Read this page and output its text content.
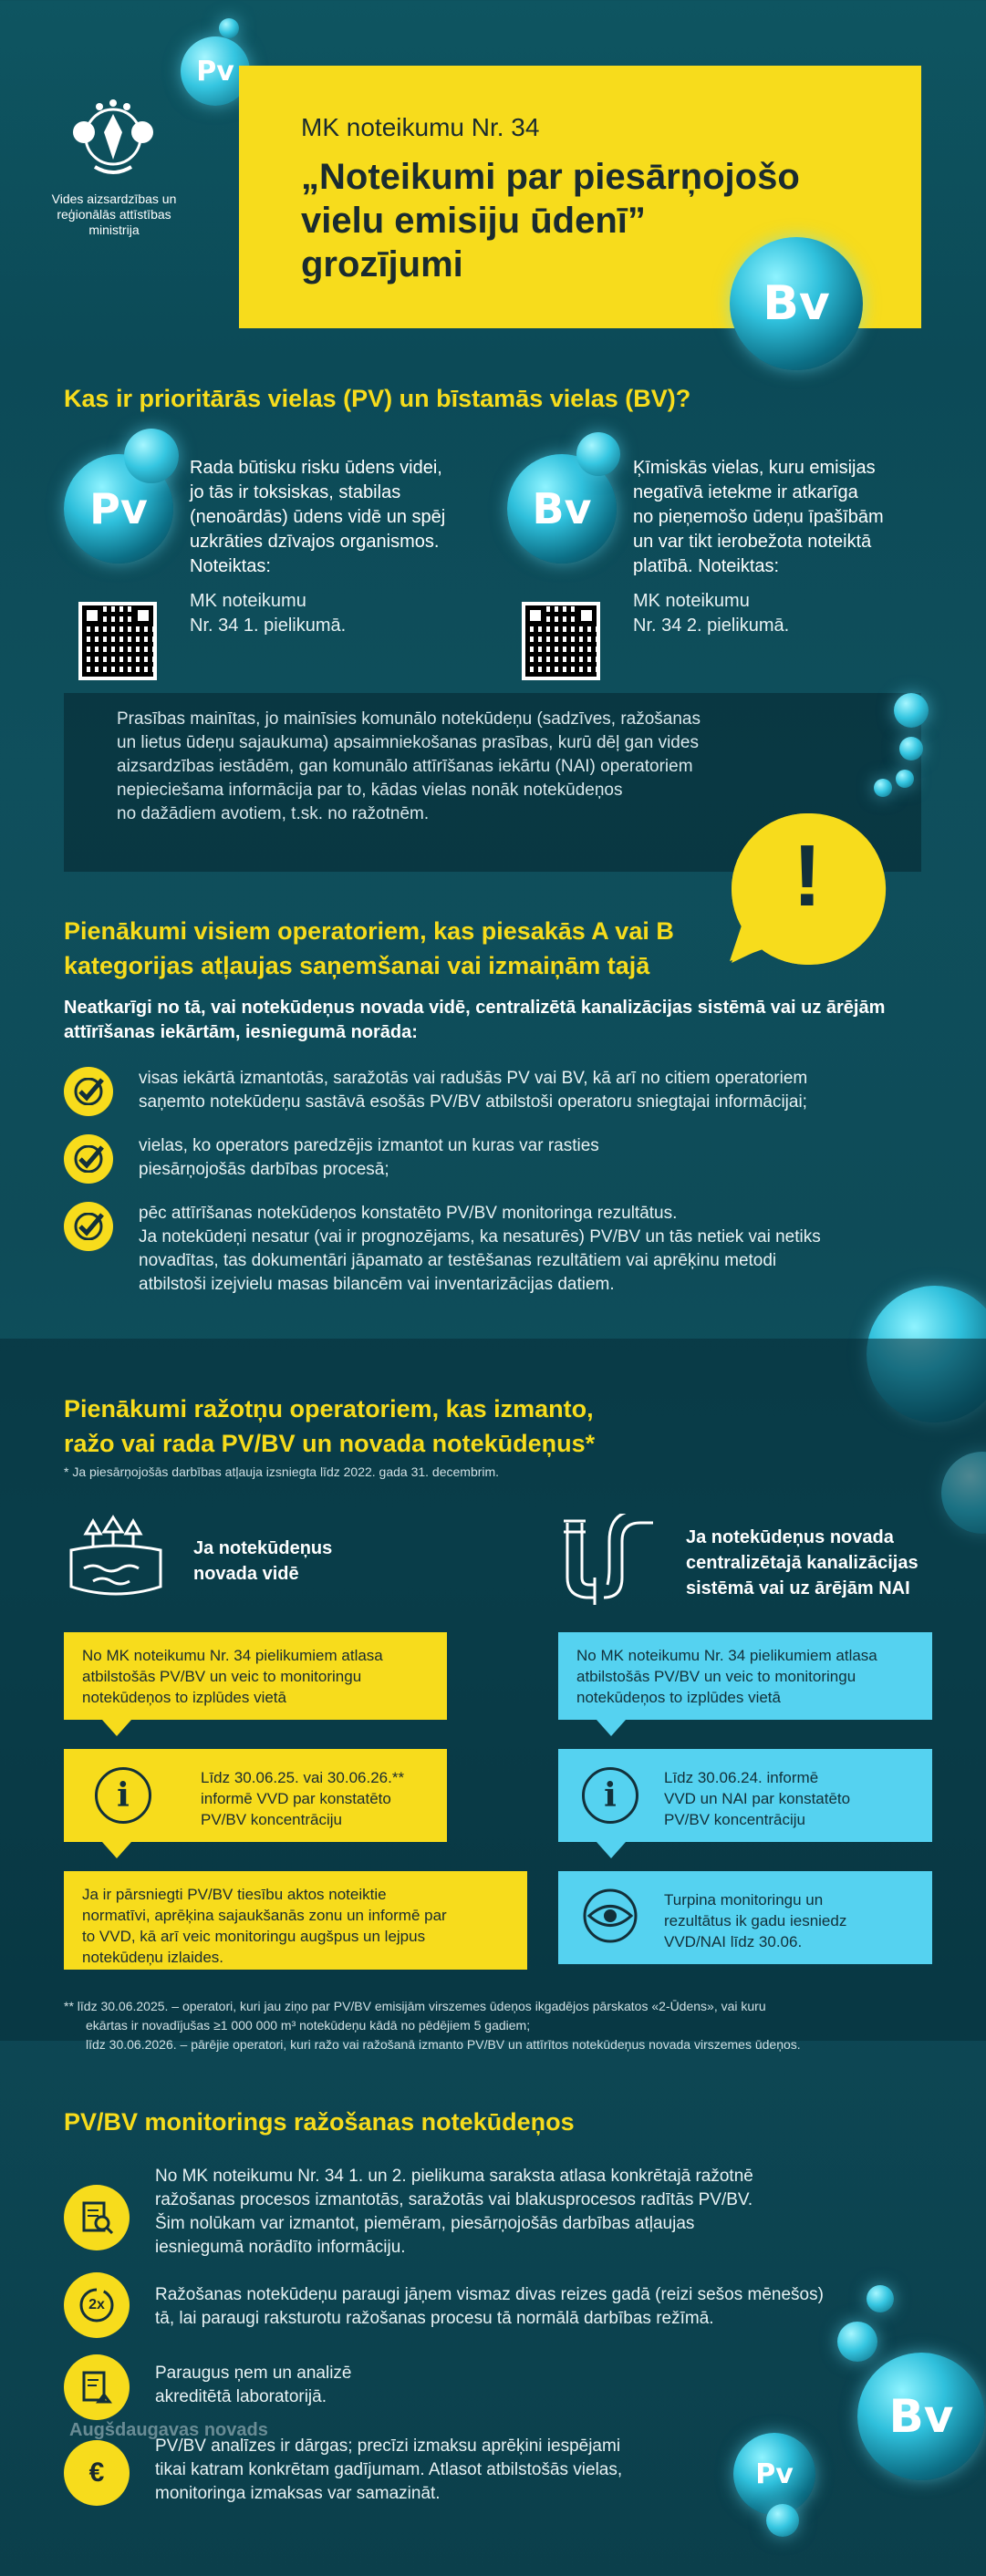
Pv
Vides aizsardzības un
reģionālās attīstības
ministrija
MK noteikumu Nr. 34
„Noteikumi par piesārņojošo
vielu emisiju ūdenī”
grozījumi
Bv
Kas ir prioritārās vielas (PV) un bīstamās vielas (BV)?
Pv
Rada būtisku risku ūdens videi,
jo tās ir toksiskas, stabilas
(nenoārdās) ūdens vidē un spēj
uzkrāties dzīvajos organismos.
Noteiktas:
MK noteikumu
Nr. 34 1. pielikumā.
Bv
Ķīmiskās vielas, kuru emisijas
negatīvā ietekme ir atkarīga
no pieņemošo ūdeņu īpašībām
un var tikt ierobežota noteiktā
platībā. Noteiktas:
MK noteikumu
Nr. 34 2. pielikumā.
Prasības mainītas, jo mainīsies komunālo notekūdeņu (sadzīves, ražošanas
un lietus ūdeņu sajaukuma) apsaimniekošanas prasības, kurū dēļ gan vides
aizsardzības iestādēm, gan komunālo attīrīšanas iekārtu (NAI) operatoriem
nepieciešama informācija par to, kādas vielas nonāk notekūdeņos
no dažādiem avotiem, t.sk. no ražotnēm.
!
Pienākumi visiem operatoriem, kas piesakās A vai B
kategorijas atļaujas saņemšanai vai izmaiņām tajā
Neatkarīgi no tā, vai notekūdeņus novada vidē, centralizētā kanalizācijas sistēmā vai uz ārējām
attīrīšanas iekārtām, iesniegumā norāda:
visas iekārtā izmantotās, saražotās vai radušās PV vai BV, kā arī no citiem operatoriem
saņemto notekūdeņu sastāvā esošās PV/BV atbilstoši operatoru sniegtajai informācijai;
vielas, ko operators paredzējis izmantot un kuras var rasties
piesārņojošās darbības procesā;
pēc attīrīšanas notekūdeņos konstatēto PV/BV monitoringa rezultātus.
Ja notekūdeņi nesatur (vai ir prognozējams, ka nesaturēs) PV/BV un tās netiek vai netiks
novadītas, tas dokumentāri jāpamato ar testēšanas rezultātiem vai aprēķinu metodi
atbilstoši izejvielu masas bilancēm vai inventarizācijas datiem.
Pienākumi ražotņu operatoriem, kas izmanto,
ražo vai rada PV/BV un novada notekūdeņus*
* Ja piesārņojošās darbības atļauja izsniegta līdz 2022. gada 31. decembrim.
Ja notekūdeņus
novada vidē
Ja notekūdeņus novada
centralizētajā kanalizācijas
sistēmā vai uz ārējām NAI
No MK noteikumu Nr. 34 pielikumiem atlasa
atbilstošās PV/BV un veic to monitoringu
notekūdeņos to izplūdes vietā
Līdz 30.06.25. vai 30.06.26.**
informē VVD par konstatēto
PV/BV koncentrāciju
i
Ja ir pārsniegti PV/BV tiesību aktos noteiktie
normatīvi, aprēķina sajaukšanās zonu un informē par
to VVD, kā arī veic monitoringu augšpus un lejpus
notekūdeņu izlaides.
No MK noteikumu Nr. 34 pielikumiem atlasa
atbilstošās PV/BV un veic to monitoringu
notekūdeņos to izplūdes vietā
Līdz 30.06.24. informē
VVD un NAI par konstatēto
PV/BV koncentrāciju
i
Turpina monitoringu un
rezultātus ik gadu iesniedz
VVD/NAI līdz 30.06.
** līdz 30.06.2025. – operatori, kuri jau ziņo par PV/BV emisijām virszemes ūdeņos ikgadējos pārskatos «2-Ūdens», vai kuru
ekārtas ir novadījušas ≥1 000 000 m³ notekūdeņu kādā no pēdējiem 5 gadiem;
līdz 30.06.2026. – pārējie operatori, kuri ražo vai ražošanā izmanto PV/BV un attīrītos notekūdeņus novada virszemes ūdeņos.
PV/BV monitorings ražošanas notekūdeņos
No MK noteikumu Nr. 34 1. un 2. pielikuma saraksta atlasa konkrētajā ražotnē
ražošanas procesos izmantotās, saražotās vai blakusprocesos radītās PV/BV.
Šim nolūkam var izmantot, piemēram, piesārņojošās darbības atļaujas
iesniegumā norādīto informāciju.
2x
Ražošanas notekūdeņu paraugi jāņem vismaz divas reizes gadā (reizi sešos mēnešos)
tā, lai paraugi raksturotu ražošanas procesu tā normālā darbības režīmā.
Paraugus ņem un analizē
akreditētā laboratorijā.
Augšdaugavas novads
€
PV/BV analīzes ir dārgas; precīzi izmaksu aprēķini iespējami
tikai katram konkrētam gadījumam. Atlasot atbilstošās vielas,
monitoringa izmaksas var samazināt.
Bv
Pv
